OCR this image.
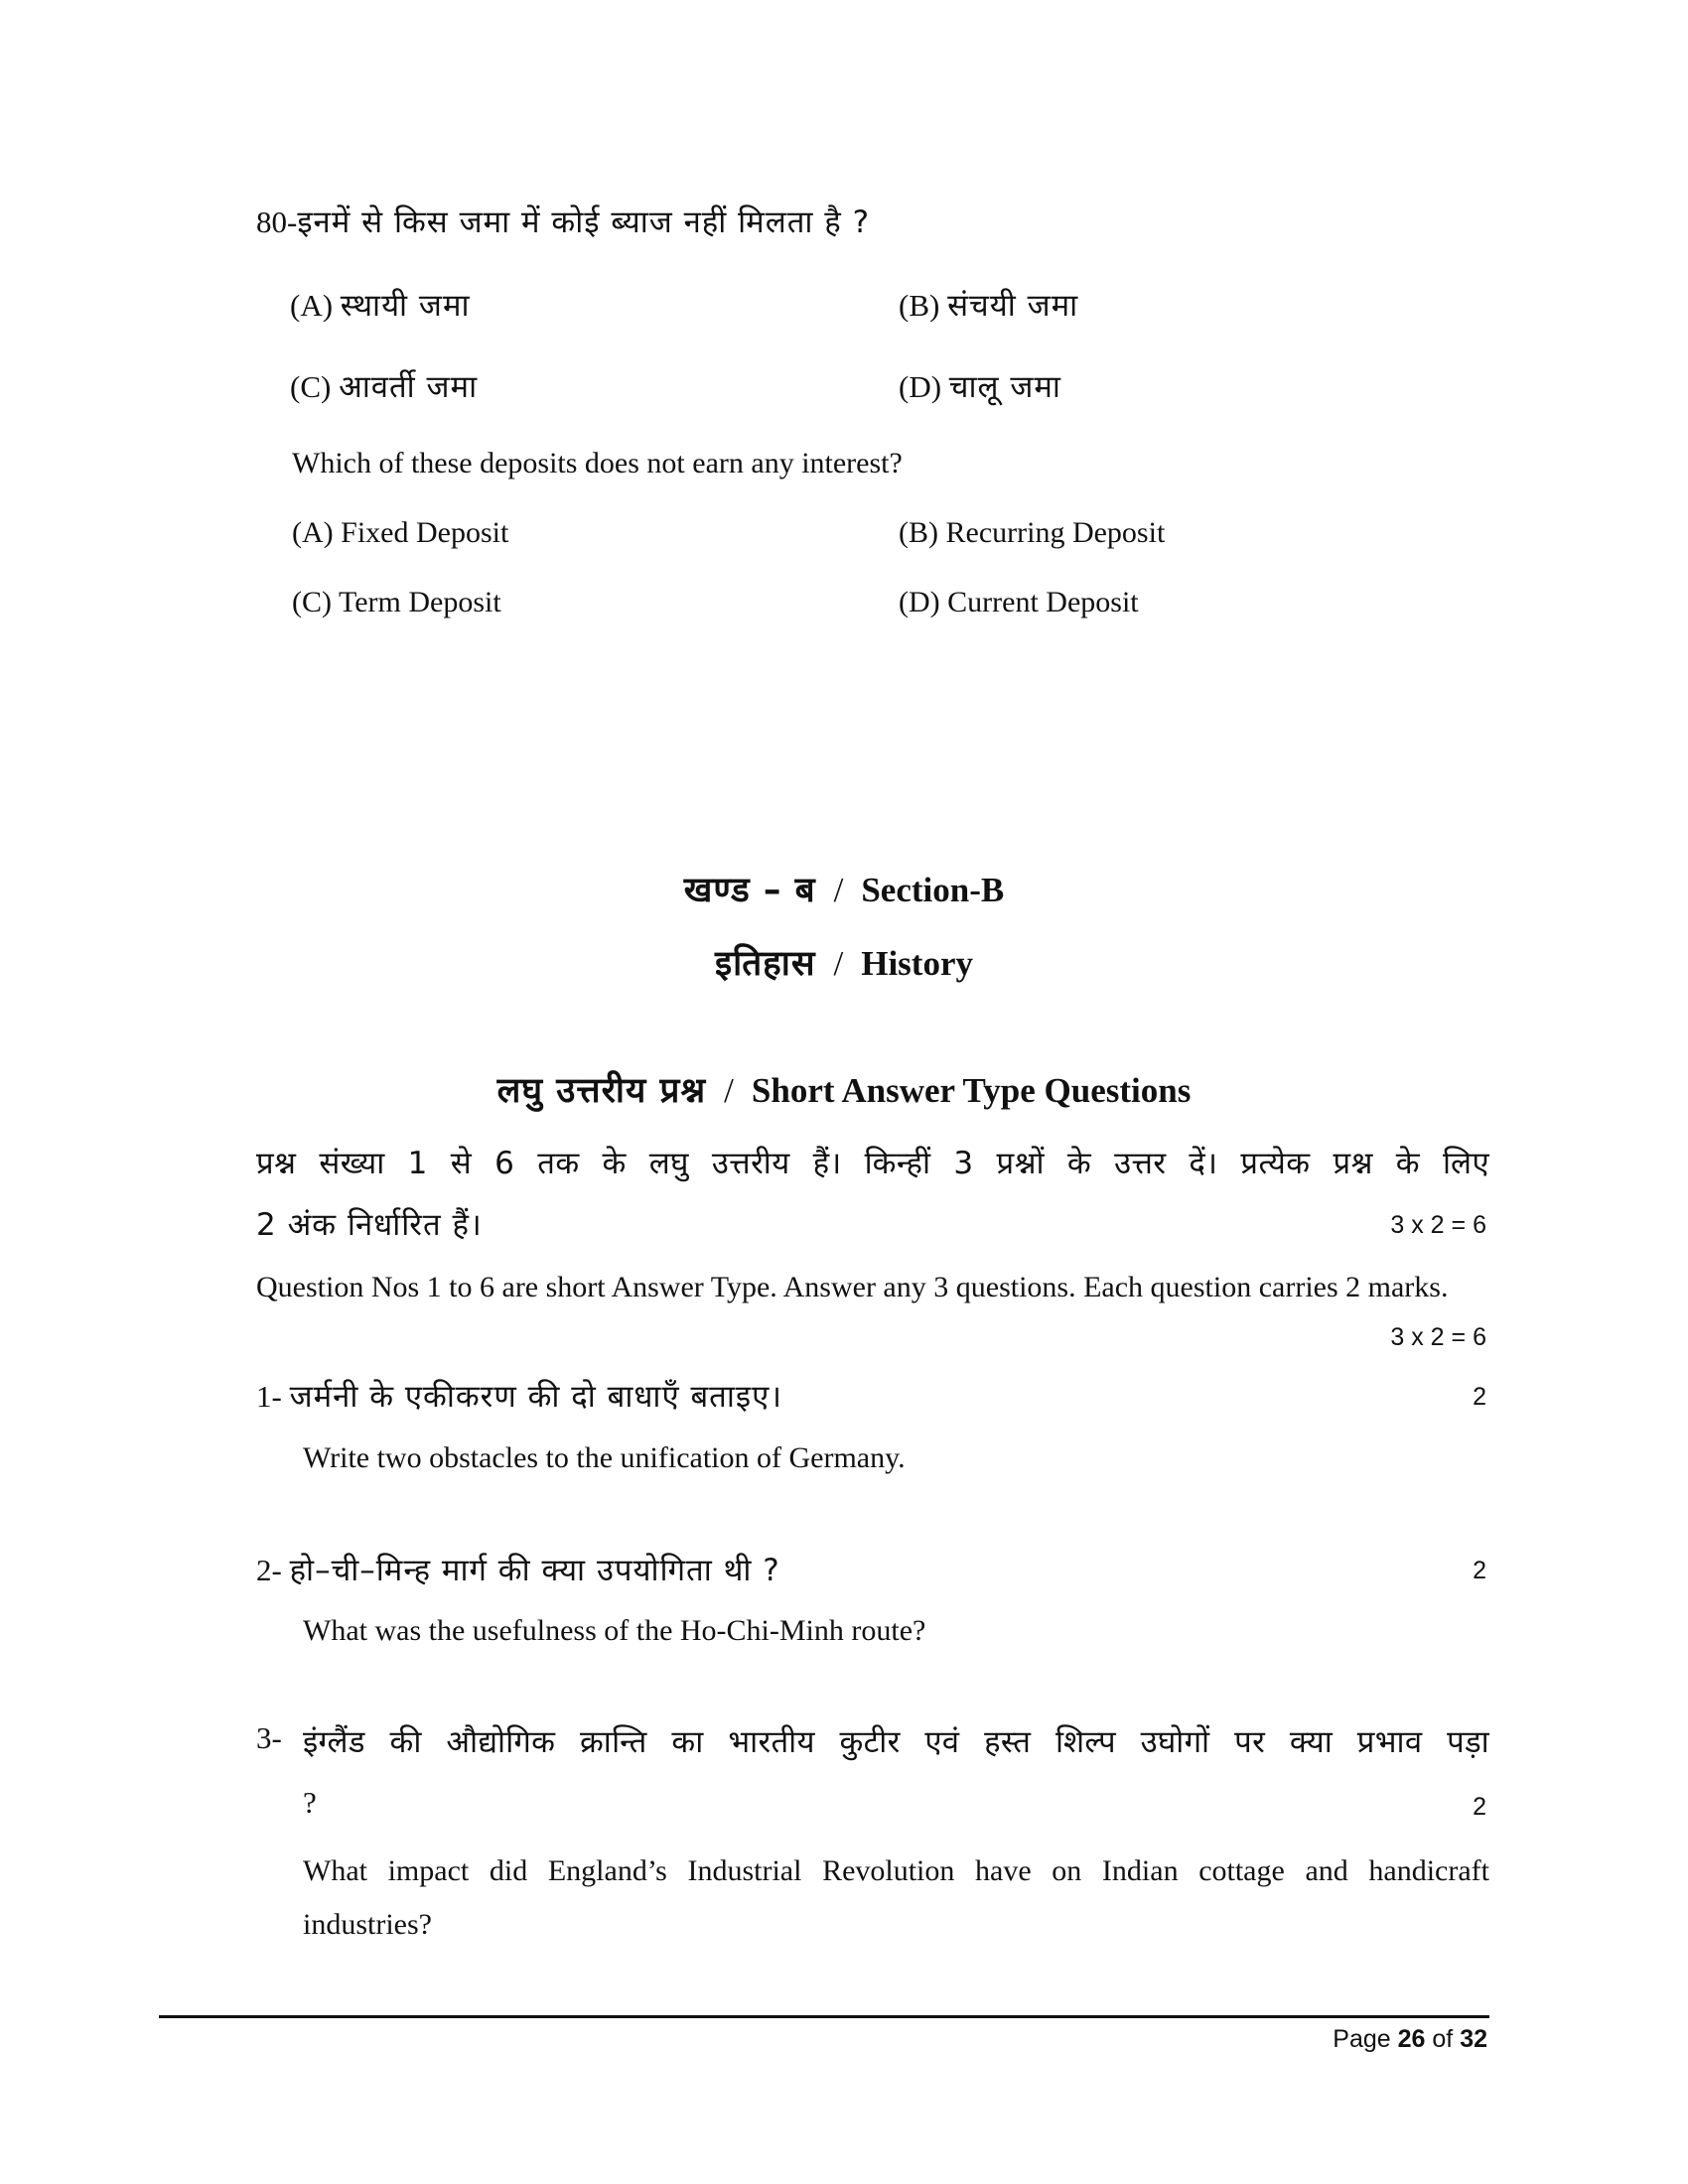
80-इनमें से किस जमा में कोई ब्याज नहीं मिलता है ?
(A) स्थायी जमा	(B) संचयी जमा
(C) आवर्ती जमा	(D) चालू जमा
Which of these deposits does not earn any interest?
(A) Fixed Deposit	(B) Recurring Deposit
(C) Term Deposit	(D) Current Deposit
खण्ड – ब / Section-B
इतिहास / History
लघु उत्तरीय प्रश्न / Short Answer Type Questions
प्रश्न संख्या 1 से 6 तक के लघु उत्तरीय हैं। किन्हीं 3 प्रश्नों के उत्तर दें। प्रत्येक प्रश्न के लिए
2 अंक निर्धारित हैं।	3 x 2 = 6
Question Nos 1 to 6 are short Answer Type. Answer any 3 questions. Each question carries 2 marks.
3 x 2 = 6
1- जर्मनी के एकीकरण की दो बाधाएँ बताइए।	2
Write two obstacles to the unification of Germany.
2- हो–ची–मिन्ह मार्ग की क्या उपयोगिता थी ?	2
What was the usefulness of the Ho-Chi-Minh route?
3- इंग्लैंड की औद्योगिक क्रान्ति का भारतीय कुटीर एवं हस्त शिल्प उघोगों पर क्या प्रभाव पड़ा
?	2
What impact did England’s Industrial Revolution have on Indian cottage and handicraft
industries?
Page 26 of 32
